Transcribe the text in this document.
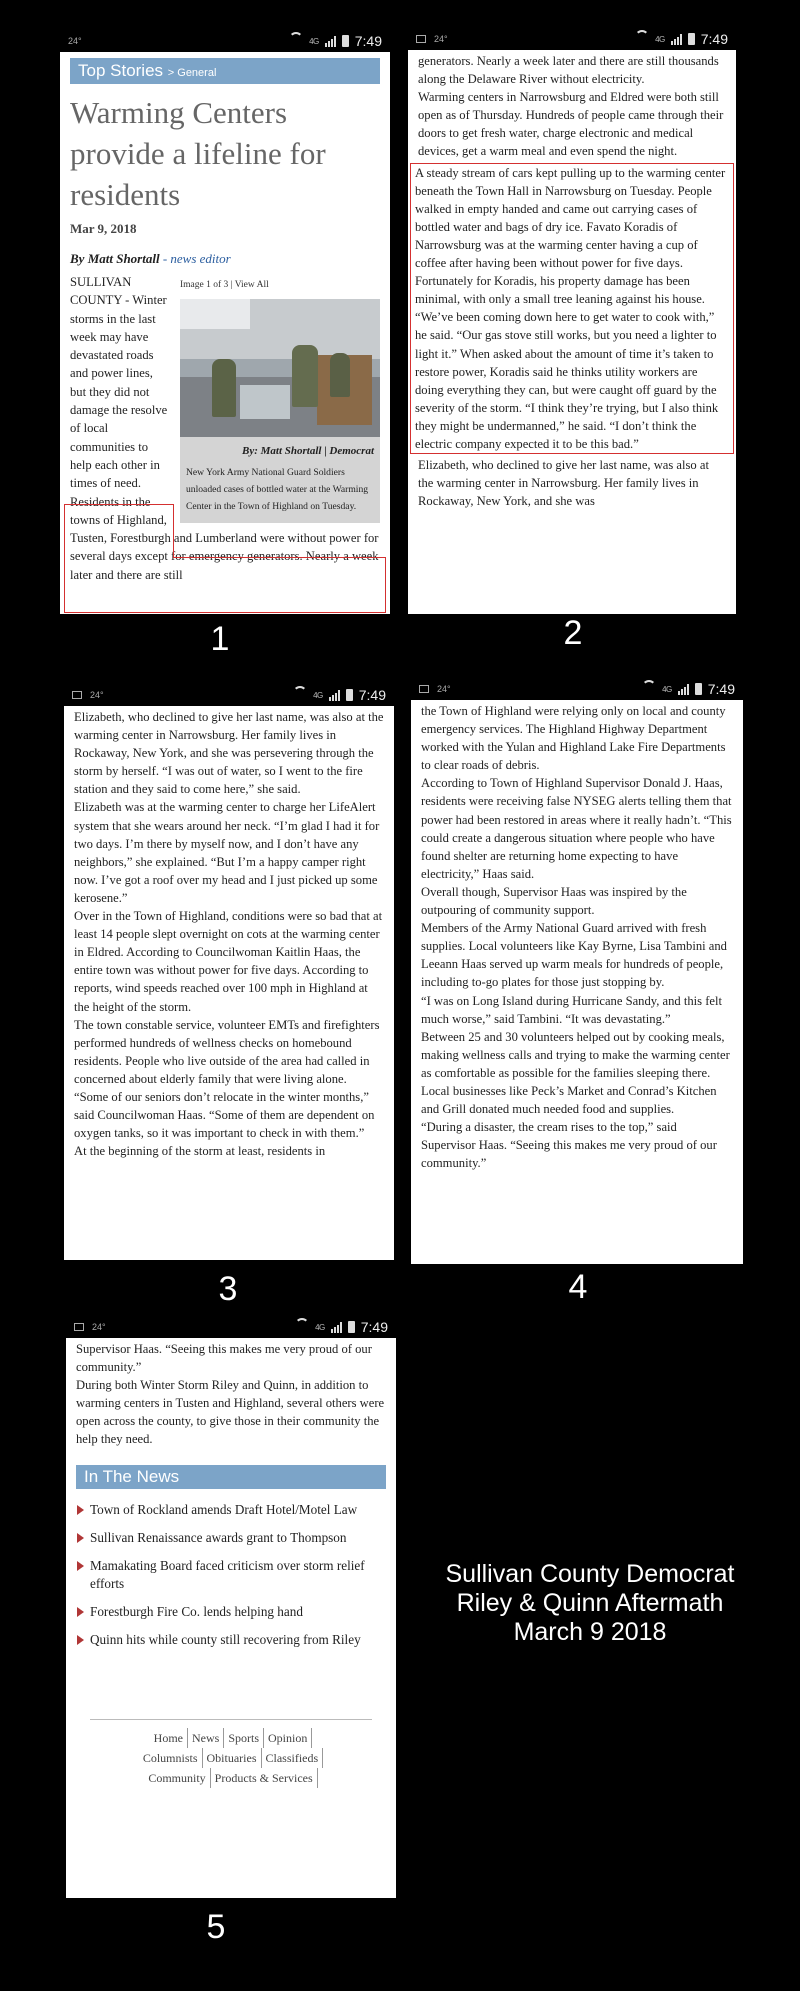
24°	4G	7:49
Top Stories > General
Warming Centers provide a lifeline for residents
Mar 9, 2018
By Matt Shortall - news editor
Image 1 of 3 | View All
By: Matt Shortall | Democrat
New York Army National Guard Soldiers unloaded cases of bottled water at the Warming Center in the Town of Highland on Tuesday.

SULLIVAN COUNTY - Winter storms in the last week may have devastated roads and power lines, but they did not damage the resolve of local communities to help each other in times of need.

Residents in the towns of Highland,

Tusten, Forestburgh and Lumberland were without power for several days except for emergency generators. Nearly a week later and there are still

24°	4G	7:49

generators. Nearly a week later and there are still thousands along the Delaware River without electricity.

Warming centers in Narrowsburg and Eldred were both still open as of Thursday. Hundreds of people came through their doors to get fresh water, charge electronic and medical devices, get a warm meal and even spend the night.

A steady stream of cars kept pulling up to the warming center beneath the Town Hall in Narrowsburg on Tuesday. People walked in empty handed and came out carrying cases of bottled water and bags of dry ice. Favato Koradis of Narrowsburg was at the warming center having a cup of coffee after having been without power for five days. Fortunately for Koradis, his property damage has been minimal, with only a small tree leaning against his house. “We’ve been coming down here to get water to cook with,” he said. “Our gas stove still works, but you need a lighter to light it.” When asked about the amount of time it’s taken to restore power, Koradis said he thinks utility workers are doing everything they can, but were caught off guard by the severity of the storm. “I think they’re trying, but I also think they might be undermanned,” he said. “I don’t think the electric company expected it to be this bad.”

Elizabeth, who declined to give her last name, was also at the warming center in Narrowsburg. Her family lives in Rockaway, New York, and she was

24°	4G	7:49

Elizabeth, who declined to give her last name, was also at the warming center in Narrowsburg. Her family lives in Rockaway, New York, and she was persevering through the storm by herself. “I was out of water, so I went to the fire station and they said to come here,” she said.

Elizabeth was at the warming center to charge her LifeAlert system that she wears around her neck. “I’m glad I had it for two days. I’m there by myself now, and I don’t have any neighbors,” she explained. “But I’m a happy camper right now. I’ve got a roof over my head and I just picked up some kerosene.”

Over in the Town of Highland, conditions were so bad that at least 14 people slept overnight on cots at the warming center in Eldred. According to Councilwoman Kaitlin Haas, the entire town was without power for five days. According to reports, wind speeds reached over 100 mph in Highland at the height of the storm.

The town constable service, volunteer EMTs and firefighters performed hundreds of wellness checks on homebound residents. People who live outside of the area had called in concerned about elderly family that were living alone.

“Some of our seniors don’t relocate in the winter months,” said Councilwoman Haas. “Some of them are dependent on oxygen tanks, so it was important to check in with them.”

At the beginning of the storm at least, residents in

24°	4G	7:49

the Town of Highland were relying only on local and county emergency services. The Highland Highway Department worked with the Yulan and Highland Lake Fire Departments to clear roads of debris.

According to Town of Highland Supervisor Donald J. Haas, residents were receiving false NYSEG alerts telling them that power had been restored in areas where it really hadn’t. “This could create a dangerous situation where people who have found shelter are returning home expecting to have electricity,” Haas said.

Overall though, Supervisor Haas was inspired by the outpouring of community support.

Members of the Army National Guard arrived with fresh supplies. Local volunteers like Kay Byrne, Lisa Tambini and Leeann Haas served up warm meals for hundreds of people, including to-go plates for those just stopping by.

“I was on Long Island during Hurricane Sandy, and this felt much worse,” said Tambini. “It was devastating.”

Between 25 and 30 volunteers helped out by cooking meals, making wellness calls and trying to make the warming center as comfortable as possible for the families sleeping there. Local businesses like Peck’s Market and Conrad’s Kitchen and Grill donated much needed food and supplies.

“During a disaster, the cream rises to the top,” said Supervisor Haas. “Seeing this makes me very proud of our community.”

24°	4G	7:49

Supervisor Haas. “Seeing this makes me very proud of our community.”

During both Winter Storm Riley and Quinn, in addition to warming centers in Tusten and Highland, several others were open across the county, to give those in their community the help they need.

In The News
Town of Rockland amends Draft Hotel/Motel Law
Sullivan Renaissance awards grant to Thompson
Mamakating Board faced criticism over storm relief efforts
Forestburgh Fire Co. lends helping hand
Quinn hits while county still recovering from Riley
Home News Sports Opinion
Columnists Obituaries Classifieds
Community Products & Services
1	2
3	4
5
Sullivan County Democrat
Riley & Quinn Aftermath
March 9 2018
